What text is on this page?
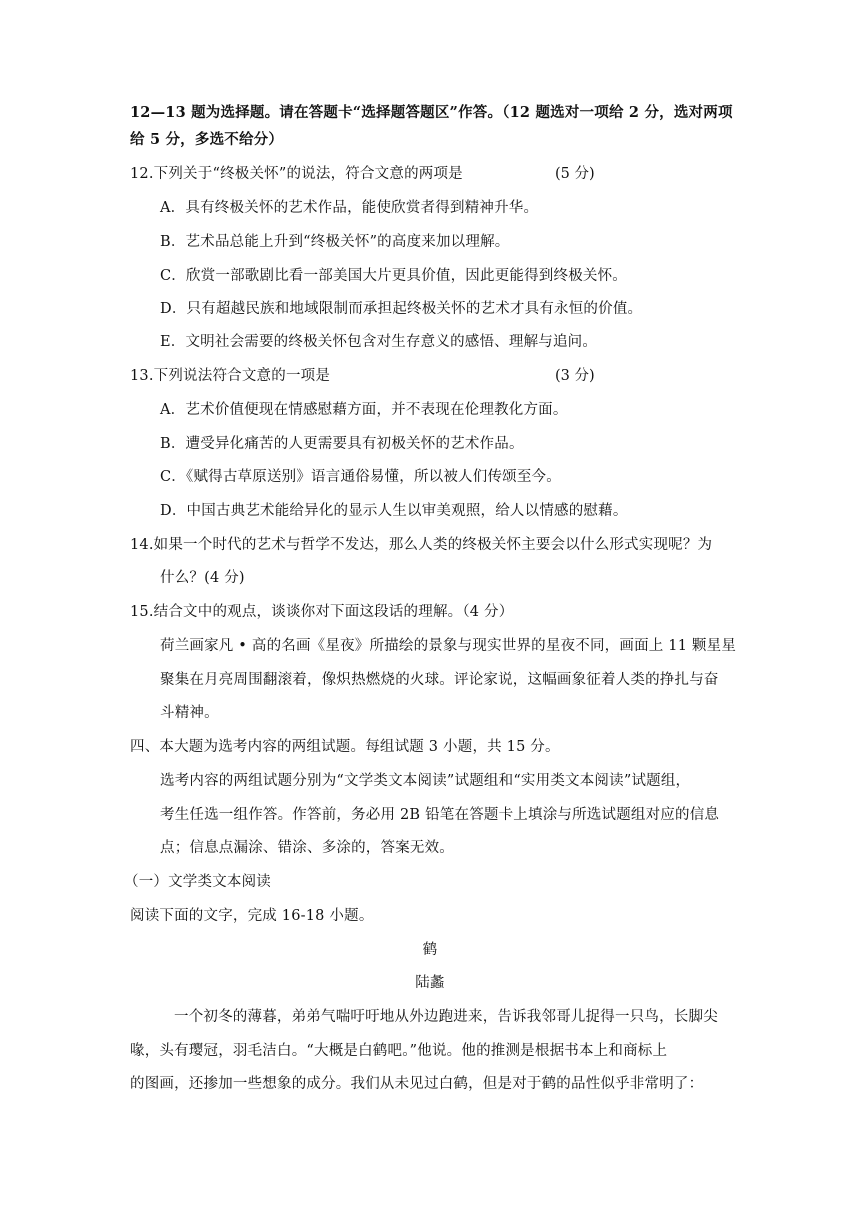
12—13 题为选择题。请在答题卡“选择题答题区”作答。（12 题选对一项给 2 分，选对两项
给 5 分，多选不给分）
12.下列关于“终极关怀”的说法，符合文意的两项是	(5 分)
A．具有终极关怀的艺术作品，能使欣赏者得到精神升华。
B．艺术品总能上升到“终极关怀”的高度来加以理解。
C．欣赏一部歌剧比看一部美国大片更具价值，因此更能得到终极关怀。
D．只有超越民族和地域限制而承担起终极关怀的艺术才具有永恒的价值。
E．文明社会需要的终极关怀包含对生存意义的感悟、理解与追问。
13.下列说法符合文意的一项是	(3 分)
A．艺术价值便现在情感慰藉方面，并不表现在伦理教化方面。
B．遭受异化痛苦的人更需要具有初极关怀的艺术作品。
C．《赋得古草原送别》语言通俗易懂，所以被人们传颂至今。
D．中国古典艺术能给异化的显示人生以审美观照，给人以情感的慰藉。
14.如果一个时代的艺术与哲学不发达，那么人类的终极关怀主要会以什么形式实现呢？为
什么？(4 分)
15.结合文中的观点，谈谈你对下面这段话的理解。（4 分）
荷兰画家凡 • 高的名画《星夜》所描绘的景象与现实世界的星夜不同，画面上 11 颗星星
聚集在月亮周围翻滚着，像炽热燃烧的火球。评论家说，这幅画象征着人类的挣扎与奋
斗精神。
四、本大题为选考内容的两组试题。每组试题 3 小题，共 15 分。
选考内容的两组试题分别为“文学类文本阅读”试题组和“实用类文本阅读”试题组，
考生任选一组作答。作答前，务必用 2B 铅笔在答题卡上填涂与所选试题组对应的信息
点；信息点漏涂、错涂、多涂的，答案无效。
（一）文学类文本阅读
阅读下面的文字，完成 16-18 小题。
鹤
陆蠡
一个初冬的薄暮，弟弟气喘吁吁地从外边跑进来，告诉我邻哥儿捉得一只鸟，长脚尖
喙，头有璎冠，羽毛洁白。“大概是白鹤吧。”他说。他的推测是根据书本上和商标上
的图画，还掺加一些想象的成分。我们从未见过白鹤，但是对于鹤的品性似乎非常明了：
